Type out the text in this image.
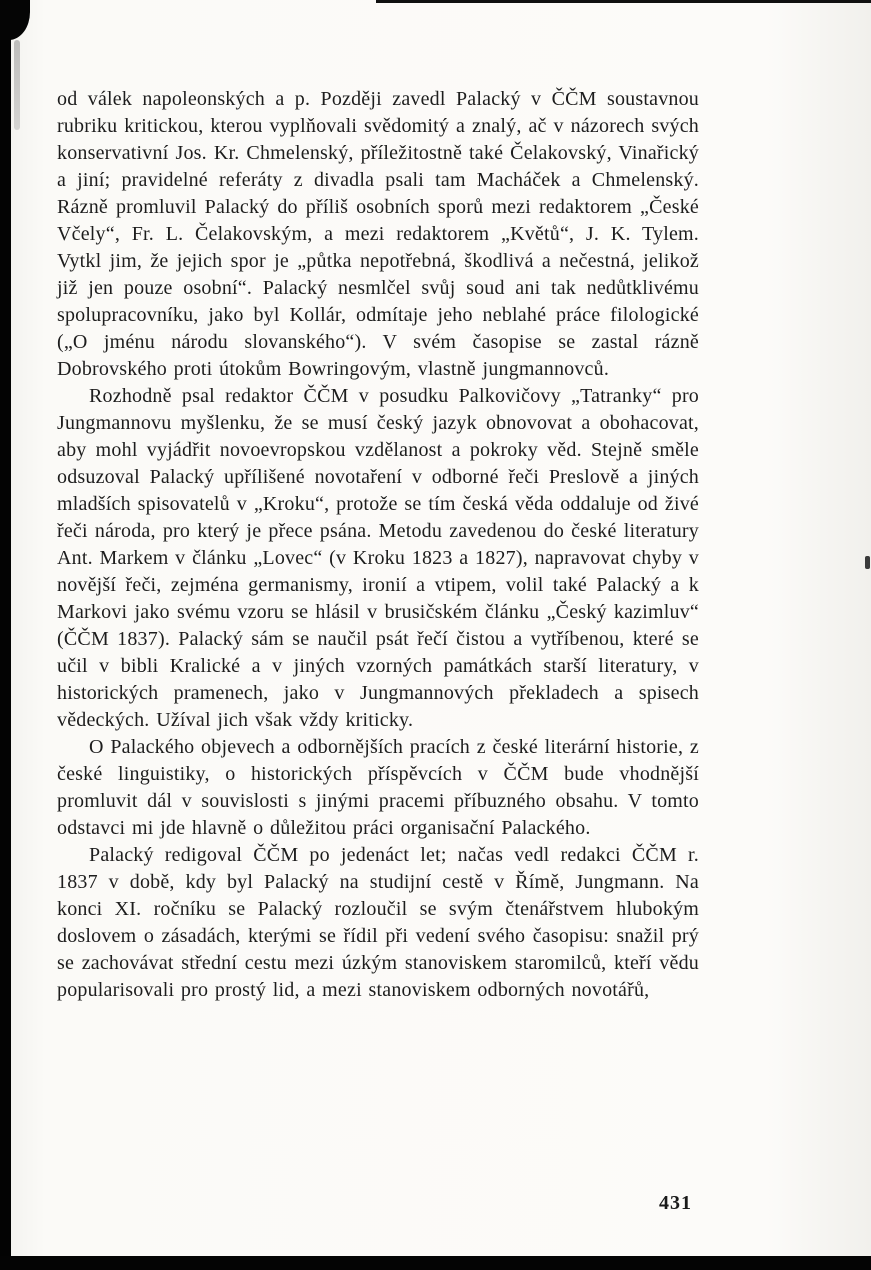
od válek napoleonských a p. Později zavedl Palacký v ČČM soustavnou rubriku kritickou, kterou vyplňovali svědomitý a znalý, ač v názorech svých konservativní Jos. Kr. Chmelenský, příležitostně také Čelakovský, Vinařický a jiní; pravidelné referáty z divadla psali tam Macháček a Chmelenský. Rázně promluvil Palacký do příliš osobních sporů mezi redaktorem „České Včely“, Fr. L. Čelakovským, a mezi redaktorem „Květů“, J. K. Tylem. Vytkl jim, že jejich spor je „půtka nepotřebná, škodlivá a nečestná, jelikož již jen pouze osobní“. Palacký nesmlčel svůj soud ani tak nedůtklivému spolupracovníku, jako byl Kollár, odmítaje jeho neblahé práce filologické („O jménu národu slovanského“). V svém časopise se zastal rázně Dobrovského proti útokům Bowringovým, vlastně jungmannovců.

Rozhodně psal redaktor ČČM v posudku Palkovičovy „Tatranky“ pro Jungmannovu myšlenku, že se musí český jazyk obnovovat a obohacovat, aby mohl vyjádřit novoevropskou vzdělanost a pokroky věd. Stejně směle odsuzoval Palacký upřílišené novotaření v odborné řeči Preslově a jiných mladších spisovatelů v „Kroku“, protože se tím česká věda oddaluje od živé řeči národa, pro který je přece psána. Metodu zavedenou do české literatury Ant. Markem v článku „Lovec“ (v Kroku 1823 a 1827), napravovat chyby v novější řeči, zejména germanismy, ironií a vtipem, volil také Palacký a k Markovi jako svému vzoru se hlásil v brusičském článku „Český kazimluv“ (ČČM 1837). Palacký sám se naučil psát řečí čistou a vytříbenou, které se učil v bibli Kralické a v jiných vzorných památkách starší literatury, v historických pramenech, jako v Jungmannových překladech a spisech vědeckých. Užíval jich však vždy kriticky.

O Palackého objevech a odbornějších pracích z české literární historie, z české linguistiky, o historických příspěvcích v ČČM bude vhodnější promluvit dál v souvislosti s jinými pracemi příbuzného obsahu. V tomto odstavci mi jde hlavně o důležitou práci organisační Palackého.

Palacký redigoval ČČM po jedenáct let; načas vedl redakci ČČM r. 1837 v době, kdy byl Palacký na studijní cestě v Římě, Jungmann. Na konci XI. ročníku se Palacký rozloučil se svým čtenářstvem hlubokým doslovem o zásadách, kterými se řídil při vedení svého časopisu: snažil prý se zachovávat střední cestu mezi úzkým stanoviskem staromilců, kteří vědu popularisovali pro prostý lid, a mezi stanoviskem odborných novotářů,

431
